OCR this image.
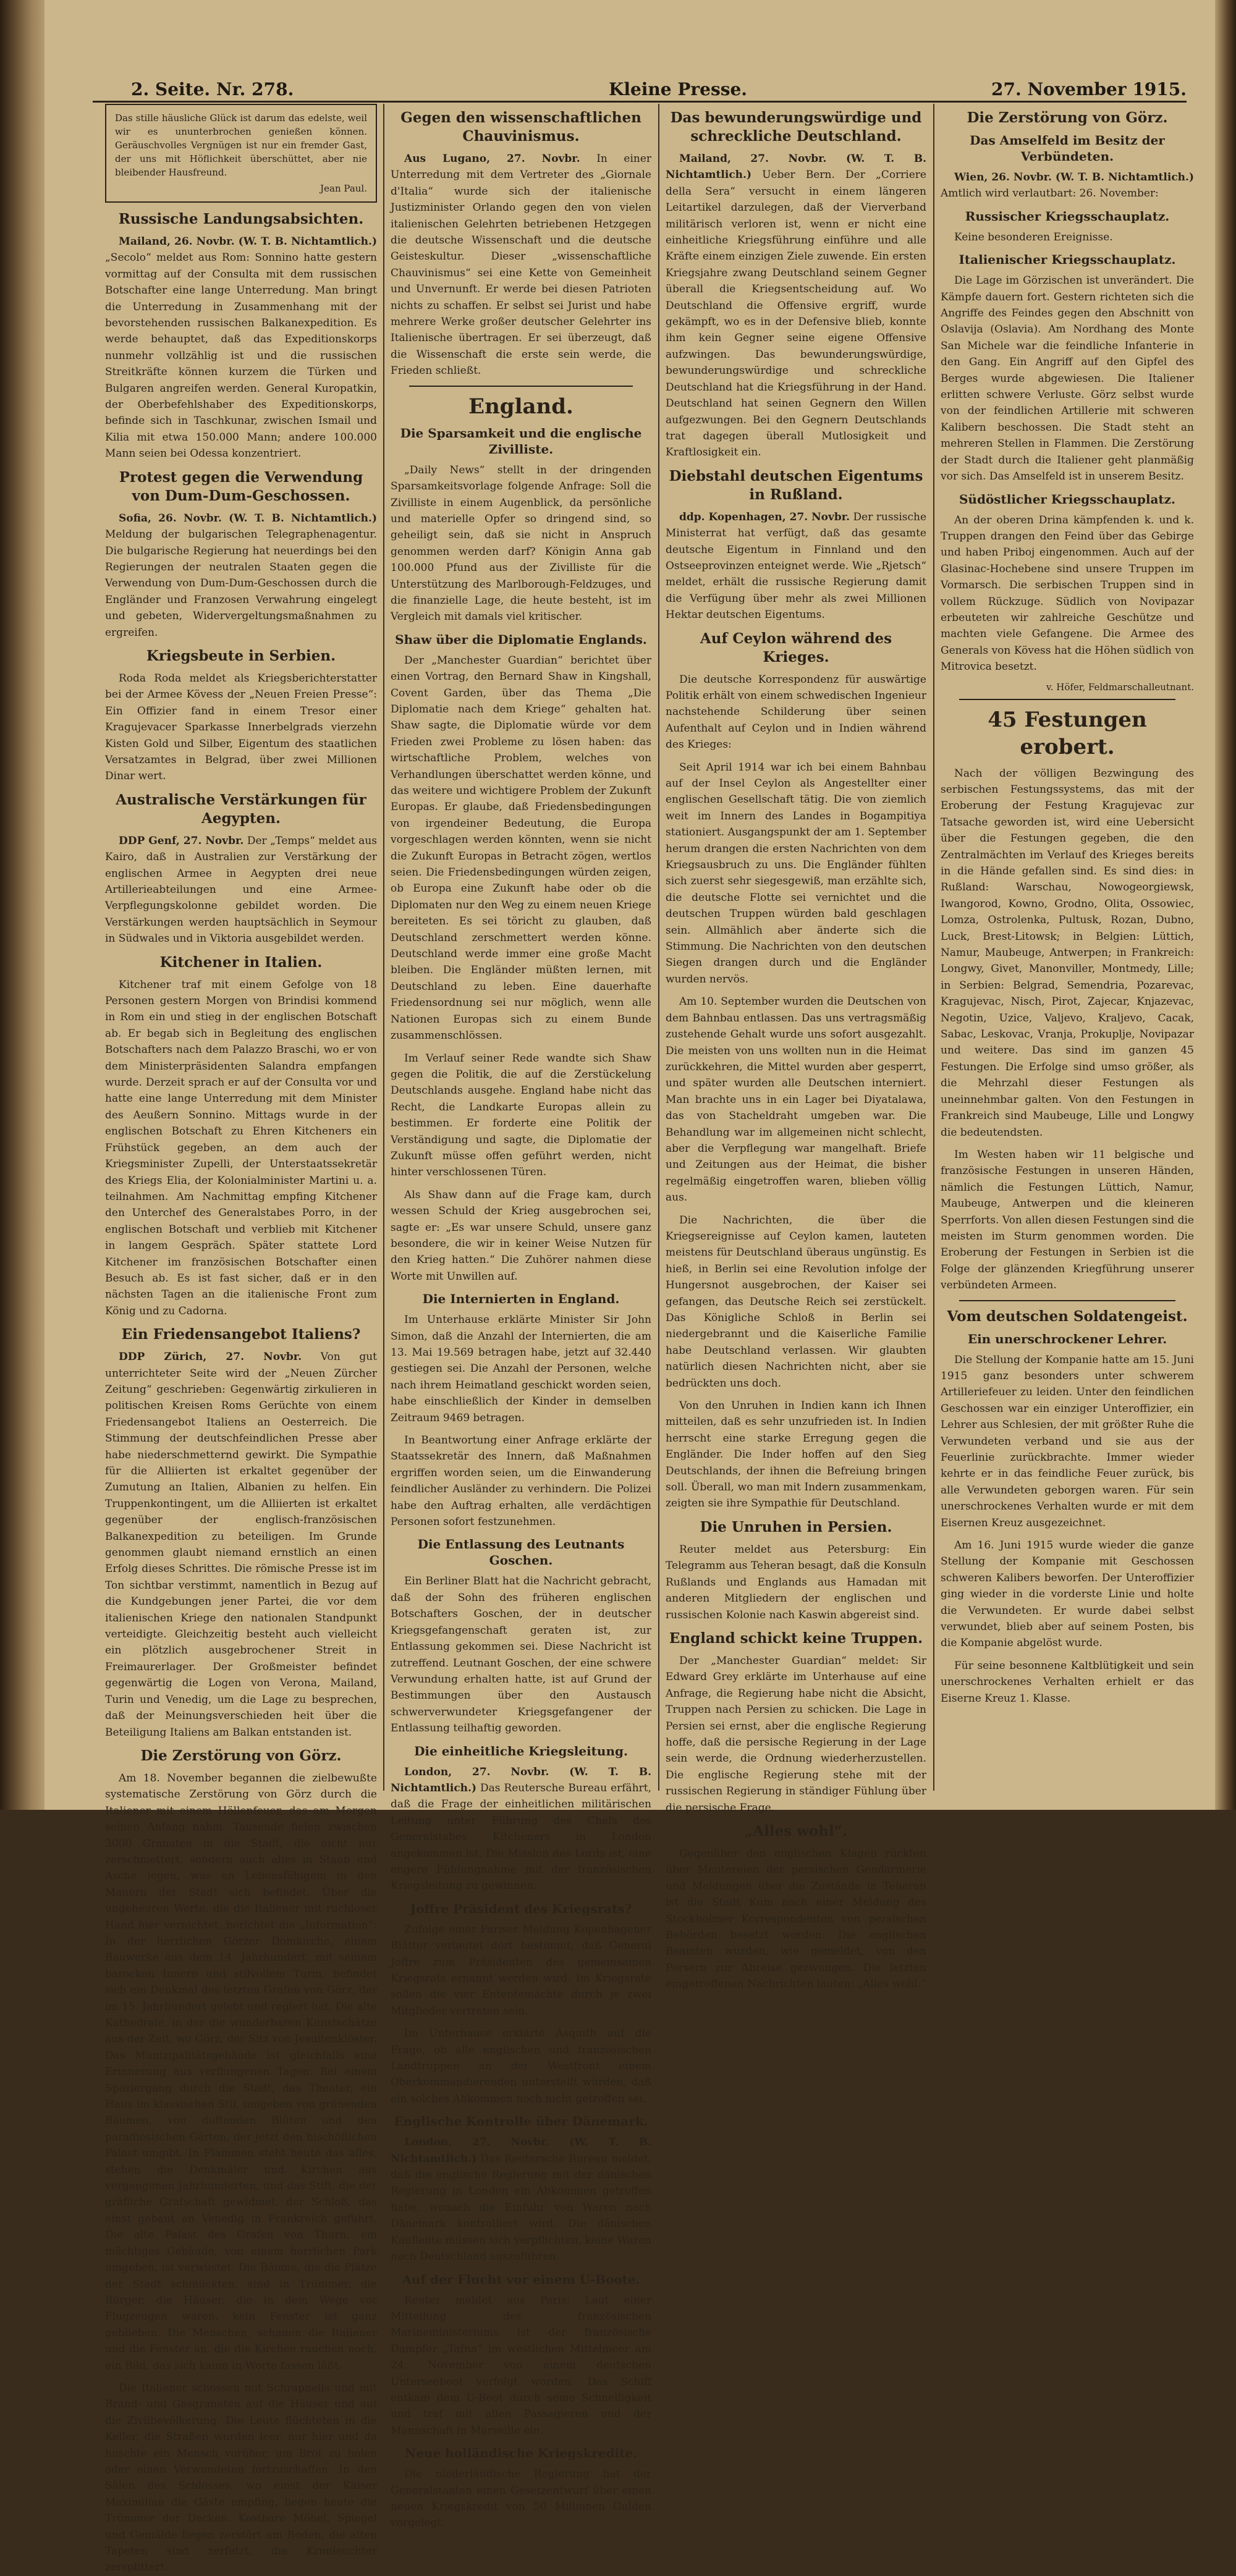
2. Seite. Nr. 278.	Kleine Presse.	27. November 1915.
Das stille häusliche Glück ist darum das edelste, weil wir es ununterbrochen genießen können. Geräuschvolles Vergnügen ist nur ein fremder Gast, der uns mit Höflichkeit überschüttet, aber nie bleibender Hausfreund.
Jean Paul.
Russische Landungsabsichten.

Mailand, 26. Novbr. (W. T. B. Nichtamtlich.) „Secolo“ meldet aus Rom: Sonnino hatte gestern vormittag auf der Consulta mit dem russischen Botschafter eine lange Unterredung. Man bringt die Unterredung in Zusammenhang mit der bevorstehenden russischen Balkanexpedition. Es werde behauptet, daß das Expeditionskorps nunmehr vollzählig ist und die russischen Streitkräfte können kurzem die Türken und Bulgaren angreifen werden. General Kuropatkin, der Oberbefehlshaber des Expeditionskorps, befinde sich in Taschkunar, zwischen Ismail und Kilia mit etwa 150.000 Mann; andere 100.000 Mann seien bei Odessa konzentriert.

Protest gegen die Verwendung von Dum-Dum-Geschossen.

Sofia, 26. Novbr. (W. T. B. Nichtamtlich.) Meldung der bulgarischen Telegraphenagentur. Die bulgarische Regierung hat neuerdings bei den Regierungen der neutralen Staaten gegen die Verwendung von Dum-Dum-Geschossen durch die Engländer und Franzosen Verwahrung eingelegt und gebeten, Widervergeltungsmaßnahmen zu ergreifen.

Kriegsbeute in Serbien.

Roda Roda meldet als Kriegsberichterstatter bei der Armee Kövess der „Neuen Freien Presse“: Ein Offizier fand in einem Tresor einer Kragujevacer Sparkasse Innerbelgrads vierzehn Kisten Gold und Silber, Eigentum des staatlichen Versatzamtes in Belgrad, über zwei Millionen Dinar wert.

Australische Verstärkungen für Aegypten.

DDP Genf, 27. Novbr. Der „Temps“ meldet aus Kairo, daß in Australien zur Verstärkung der englischen Armee in Aegypten drei neue Artillerieabteilungen und eine Armee-Verpflegungskolonne gebildet worden. Die Verstärkungen werden hauptsächlich in Seymour in Südwales und in Viktoria ausgebildet werden.

Kitchener in Italien.

Kitchener traf mit einem Gefolge von 18 Personen gestern Morgen von Brindisi kommend in Rom ein und stieg in der englischen Botschaft ab. Er begab sich in Begleitung des englischen Botschafters nach dem Palazzo Braschi, wo er von dem Ministerpräsidenten Salandra empfangen wurde. Derzeit sprach er auf der Consulta vor und hatte eine lange Unterredung mit dem Minister des Aeußern Sonnino. Mittags wurde in der englischen Botschaft zu Ehren Kitcheners ein Frühstück gegeben, an dem auch der Kriegsminister Zupelli, der Unterstaatssekretär des Kriegs Elia, der Kolonialminister Martini u. a. teilnahmen. Am Nachmittag empfing Kitchener den Unterchef des Generalstabes Porro, in der englischen Botschaft und verblieb mit Kitchener in langem Gespräch. Später stattete Lord Kitchener im französischen Botschafter einen Besuch ab. Es ist fast sicher, daß er in den nächsten Tagen an die italienische Front zum König und zu Cadorna.

Ein Friedensangebot Italiens?

DDP Zürich, 27. Novbr. Von gut unterrichteter Seite wird der „Neuen Zürcher Zeitung“ geschrieben: Gegenwärtig zirkulieren in politischen Kreisen Roms Gerüchte von einem Friedensangebot Italiens an Oesterreich. Die Stimmung der deutschfeindlichen Presse aber habe niederschmetternd gewirkt. Die Sympathie für die Alliierten ist erkaltet gegenüber der Zumutung an Italien, Albanien zu helfen. Ein Truppenkontingent, um die Alliierten ist erkaltet gegenüber der englisch-französischen Balkanexpedition zu beteiligen. Im Grunde genommen glaubt niemand ernstlich an einen Erfolg dieses Schrittes. Die römische Presse ist im Ton sichtbar verstimmt, namentlich in Bezug auf die Kundgebungen jener Partei, die vor dem italienischen Kriege den nationalen Standpunkt verteidigte. Gleichzeitig besteht auch vielleicht ein plötzlich ausgebrochener Streit in Freimaurerlager. Der Großmeister befindet gegenwärtig die Logen von Verona, Mailand, Turin und Venedig, um die Lage zu besprechen, daß der Meinungsverschieden heit über die Beteiligung Italiens am Balkan entstanden ist.

Die Zerstörung von Görz.

Am 18. November begannen die zielbewußte systematische Zerstörung von Görz durch die Italiener mit einem Höllenfeuer, das am Morgen seinen Anfang nahm. Tausende fielen zwischen 3000 Granaten in die Stadt, die nicht nur zerschmettert, sondern auch alles in Staub und Asche legen, was an Lebensfähigem in den Mauern der Stadt sich befindet. Über die ungeheuren Werte, die die Italiener mit ruchloser Hand hier vernichtet, berichtet die „Information“: In der herrlichen Görzer Domkirche, einem Bauwerke aus dem 14. Jahrhundert, mit seinem barocken Innern und stilvollem Turm, befindet sich ein Denkmal des letzten Grafen von Görz, der im 15. Jahrhundert gelebt und regiert hat. Die alte Kathedrale, in der die wunderbaren Kunstschätze aus der Zeit, wo Görz, der Sitz von Jesuitenklöster. Das Munizipalitätsgebäude ist gleichfalls eine Erinnerung aus verflungenen Tagen. Bei einem Spaziergang durch die Stadt, das Theater, ein Haus im klassischen Stil, umgeben von grünenden Bäumen, von duftenden Blüten und den paradiesischen Gärten, der jetzt den bischöflichen Palast umgibt. In Flammen steht heute das alles, stehen die Denkmäler und Kirchen aus vergangenen Jahrhunderten, und das Stift, die der gräfliche Grafschaft gewidmet, der Schloß, das einst gebaut an Venedig in Frankreich geführt. Die alte Palast des Grafen von Thurn, ein mächtiges Gebäude, von einem herrlichen Park umgeben, ist verwüstet. Die Bäume, die die Plätze der Stadt schmückten, sind in Trümmer, die Bürger, die Häuser, die in dem Wege vor Flugzeugen waren, kein Fenster ist ganz geblieben. Die Menschen, schauen die Italiener und die Fenster an, die die Kirchen rauchen noch, ein Bild, das sich kaum in Worte fassen läßt.

Die Italiener schossen mit Schrapnells und mit Brand- und Gasgranaten auf die Häuser und auf die Zivilbevölkerung. Die Leute flüchteten in die Keller, die Straßen wurden leer, nur hier und da huschte ein Mensch vorüber, um Brot zu holen oder einen Verwundeten fortzuschaffen. In den Sälen des Schlosses, wo einst der Kaiser Maximilian die Gäste empfing, liegen heute die Trümmer der Decken. Kostbare Möbel, Spiegel und Gemälde liegen zerstört am Boden; die alten Tapeten sind zerfetzt, die Kronleuchter zersplittert.

Gegen den wissenschaftlichen Chauvinismus.

Aus Lugano, 27. Novbr. In einer Unterredung mit dem Vertreter des „Giornale d'Italia“ wurde sich der italienische Justizminister Orlando gegen den von vielen italienischen Gelehrten betriebenen Hetzgegen die deutsche Wissenschaft und die deutsche Geisteskultur. Dieser „wissenschaftliche Chauvinismus“ sei eine Kette von Gemeinheit und Unvernunft. Er werde bei diesen Patrioten nichts zu schaffen. Er selbst sei Jurist und habe mehrere Werke großer deutscher Gelehrter ins Italienische übertragen. Er sei überzeugt, daß die Wissenschaft die erste sein werde, die Frieden schließt.

England.
Die Sparsamkeit und die englische Zivilliste.

„Daily News“ stellt in der dringenden Sparsamkeitsvorlage folgende Anfrage: Soll die Zivilliste in einem Augenblick, da persönliche und materielle Opfer so dringend sind, so geheiligt sein, daß sie nicht in Anspruch genommen werden darf? Königin Anna gab 100.000 Pfund aus der Zivilliste für die Unterstützung des Marlborough-Feldzuges, und die finanzielle Lage, die heute besteht, ist im Vergleich mit damals viel kritischer.

Shaw über die Diplomatie Englands.

Der „Manchester Guardian“ berichtet über einen Vortrag, den Bernard Shaw in Kingshall, Covent Garden, über das Thema „Die Diplomatie nach dem Kriege“ gehalten hat. Shaw sagte, die Diplomatie würde vor dem Frieden zwei Probleme zu lösen haben: das wirtschaftliche Problem, welches von Verhandlungen überschattet werden könne, und das weitere und wichtigere Problem der Zukunft Europas. Er glaube, daß Friedensbedingungen von irgendeiner Bedeutung, die Europa vorgeschlagen werden könnten, wenn sie nicht die Zukunft Europas in Betracht zögen, wertlos seien. Die Friedensbedingungen würden zeigen, ob Europa eine Zukunft habe oder ob die Diplomaten nur den Weg zu einem neuen Kriege bereiteten. Es sei töricht zu glauben, daß Deutschland zerschmettert werden könne. Deutschland werde immer eine große Macht bleiben. Die Engländer müßten lernen, mit Deutschland zu leben. Eine dauerhafte Friedensordnung sei nur möglich, wenn alle Nationen Europas sich zu einem Bunde zusammenschlössen.

Im Verlauf seiner Rede wandte sich Shaw gegen die Politik, die auf die Zerstückelung Deutschlands ausgehe. England habe nicht das Recht, die Landkarte Europas allein zu bestimmen. Er forderte eine Politik der Verständigung und sagte, die Diplomatie der Zukunft müsse offen geführt werden, nicht hinter verschlossenen Türen.

Als Shaw dann auf die Frage kam, durch wessen Schuld der Krieg ausgebrochen sei, sagte er: „Es war unsere Schuld, unsere ganz besondere, die wir in keiner Weise Nutzen für den Krieg hatten.“ Die Zuhörer nahmen diese Worte mit Unwillen auf.

Die Internierten in England.

Im Unterhause erklärte Minister Sir John Simon, daß die Anzahl der Internierten, die am 13. Mai 19.569 betragen habe, jetzt auf 32.440 gestiegen sei. Die Anzahl der Personen, welche nach ihrem Heimatland geschickt worden seien, habe einschließlich der Kinder in demselben Zeitraum 9469 betragen.

In Beantwortung einer Anfrage erklärte der Staatssekretär des Innern, daß Maßnahmen ergriffen worden seien, um die Einwanderung feindlicher Ausländer zu verhindern. Die Polizei habe den Auftrag erhalten, alle verdächtigen Personen sofort festzunehmen.

Die Entlassung des Leutnants Goschen.

Ein Berliner Blatt hat die Nachricht gebracht, daß der Sohn des früheren englischen Botschafters Goschen, der in deutscher Kriegsgefangenschaft geraten ist, zur Entlassung gekommen sei. Diese Nachricht ist zutreffend. Leutnant Goschen, der eine schwere Verwundung erhalten hatte, ist auf Grund der Bestimmungen über den Austausch schwerverwundeter Kriegsgefangener der Entlassung teilhaftig geworden.

Die einheitliche Kriegsleitung.

London, 27. Novbr. (W. T. B. Nichtamtlich.) Das Reutersche Bureau erfährt, daß die Frage der einheitlichen militärischen Leitung unter Führung des Chefs des Generalstabes Kitcheners in London angekommen ist. Die Mission des Lords ist, eine engere Fühlungnahme mit der französischen Kriegsleitung zu gewinnen.

Joffre Präsident des Kriegsrats?

Zufolge einer Pariser Meldung Kopenhagener Blätter verlautet dort bestimmt, daß General Joffre zum Präsidenten des gemeinsamen Kriegsrats ernannt werden wird. Im Kriegsrate sollen die vier Ententemächte durch je zwei Mitglieder vertreten sein.

Im Unterhause erklärte Asquith auf die Frage, ob alle englischen und französischen Landtruppen an der Westfront einem Oberkommandierenden unterstellt würden, daß ein solches Abkommen noch nicht getroffen sei.

Englische Kontrolle über Dänemark.

London, 27. Novbr. (W. T. B. Nichtamtlich.) Das Reutersche Bureau meldet, daß die englische Regierung mit der dänischen Regierung in London ein Abkommen getroffen habe, wonach die Einfuhr von Waren nach Dänemark kontrolliert wird. Die dänischen Kaufleute müssen sich verpflichten, keine Waren nach Deutschland auszuführen.

Auf der Flucht vor einem U-Boote.

Reuter meldet aus Paris: Laut einer Mitteilung des französischen Marineministeriums ist der französische Dampfer „Tafna“ im westlichen Mittelmeer am 24. November von einem deutschen Unterseeboot verfolgt worden. Das Schiff entkam dem U-Boot durch seine Schnelligkeit und traf mit allen Passagieren und der Mannschaft in Marseille ein.

Neue holländische Kriegskredite.

Die niederländische Regierung hat der Generalstaaten einen Gesetzentwurf über einen neuen Kriegskredit von 50 Millionen Gulden vorgelegt.

Das bewunderungswürdige und schreckliche Deutschland.

Mailand, 27. Novbr. (W. T. B. Nichtamtlich.) Ueber Bern. Der „Corriere della Sera“ versucht in einem längeren Leitartikel darzulegen, daß der Vierverband militärisch verloren ist, wenn er nicht eine einheitliche Kriegsführung einführe und alle Kräfte einem einzigen Ziele zuwende. Ein ersten Kriegsjahre zwang Deutschland seinem Gegner überall die Kriegsentscheidung auf. Wo Deutschland die Offensive ergriff, wurde gekämpft, wo es in der Defensive blieb, konnte ihm kein Gegner seine eigene Offensive aufzwingen. Das bewunderungswürdige, bewunderungswürdige und schreckliche Deutschland hat die Kriegsführung in der Hand. Deutschland hat seinen Gegnern den Willen aufgezwungen. Bei den Gegnern Deutschlands trat dagegen überall Mutlosigkeit und Kraftlosigkeit ein.

Diebstahl deutschen Eigentums in Rußland.

ddp. Kopenhagen, 27. Novbr. Der russische Ministerrat hat verfügt, daß das gesamte deutsche Eigentum in Finnland und den Ostseeprovinzen enteignet werde. Wie „Rjetsch“ meldet, erhält die russische Regierung damit die Verfügung über mehr als zwei Millionen Hektar deutschen Eigentums.

Auf Ceylon während des Krieges.

Die deutsche Korrespondenz für auswärtige Politik erhält von einem schwedischen Ingenieur nachstehende Schilderung über seinen Aufenthalt auf Ceylon und in Indien während des Krieges:

Seit April 1914 war ich bei einem Bahnbau auf der Insel Ceylon als Angestellter einer englischen Gesellschaft tätig. Die von ziemlich weit im Innern des Landes in Bogampitiya stationiert. Ausgangspunkt der am 1. September herum drangen die ersten Nachrichten von dem Kriegsausbruch zu uns. Die Engländer fühlten sich zuerst sehr siegesgewiß, man erzählte sich, die deutsche Flotte sei vernichtet und die deutschen Truppen würden bald geschlagen sein. Allmählich aber änderte sich die Stimmung. Die Nachrichten von den deutschen Siegen drangen durch und die Engländer wurden nervös.

Am 10. September wurden die Deutschen von dem Bahnbau entlassen. Das uns vertragsmäßig zustehende Gehalt wurde uns sofort ausgezahlt. Die meisten von uns wollten nun in die Heimat zurückkehren, die Mittel wurden aber gesperrt, und später wurden alle Deutschen interniert. Man brachte uns in ein Lager bei Diyatalawa, das von Stacheldraht umgeben war. Die Behandlung war im allgemeinen nicht schlecht, aber die Verpflegung war mangelhaft. Briefe und Zeitungen aus der Heimat, die bisher regelmäßig eingetroffen waren, blieben völlig aus.

Die Nachrichten, die über die Kriegsereignisse auf Ceylon kamen, lauteten meistens für Deutschland überaus ungünstig. Es hieß, in Berlin sei eine Revolution infolge der Hungersnot ausgebrochen, der Kaiser sei gefangen, das Deutsche Reich sei zerstückelt. Das Königliche Schloß in Berlin sei niedergebrannt und die Kaiserliche Familie habe Deutschland verlassen. Wir glaubten natürlich diesen Nachrichten nicht, aber sie bedrückten uns doch.

Von den Unruhen in Indien kann ich Ihnen mitteilen, daß es sehr unzufrieden ist. In Indien herrscht eine starke Erregung gegen die Engländer. Die Inder hoffen auf den Sieg Deutschlands, der ihnen die Befreiung bringen soll. Überall, wo man mit Indern zusammenkam, zeigten sie ihre Sympathie für Deutschland.

Die Unruhen in Persien.

Reuter meldet aus Petersburg: Ein Telegramm aus Teheran besagt, daß die Konsuln Rußlands und Englands aus Hamadan mit anderen Mitgliedern der englischen und russischen Kolonie nach Kaswin abgereist sind.

England schickt keine Truppen.

Der „Manchester Guardian“ meldet: Sir Edward Grey erklärte im Unterhause auf eine Anfrage, die Regierung habe nicht die Absicht, Truppen nach Persien zu schicken. Die Lage in Persien sei ernst, aber die englische Regierung hoffe, daß die persische Regierung in der Lage sein werde, die Ordnung wiederherzustellen. Die englische Regierung stehe mit der russischen Regierung in ständiger Fühlung über die persische Frage.

„Alles wohl“.

Gegenüber den englischen Klagen rückten über Meutereien der persischen Gendarmerie und Meldungen über die Zustände in Teheran ist die Stadt Kum nach einer Meldung des Stockholmer Korrespondenten von persischen Behörden besetzt worden. Die englischen Beamten wurden, wie gemeldet, von den Persern zur Abreise gezwungen. Die letzten eingetroffenen Nachrichten lauten: „Alles wohl.“

Die Zerstörung von Görz.
Das Amselfeld im Besitz der Verbündeten.

Wien, 26. Novbr. (W. T. B. Nichtamtlich.) Amtlich wird verlautbart: 26. November:

Russischer Kriegsschauplatz.

Keine besonderen Ereignisse.

Italienischer Kriegsschauplatz.

Die Lage im Görzischen ist unverändert. Die Kämpfe dauern fort. Gestern richteten sich die Angriffe des Feindes gegen den Abschnitt von Oslavija (Oslavia). Am Nordhang des Monte San Michele war die feindliche Infanterie in den Gang. Ein Angriff auf den Gipfel des Berges wurde abgewiesen. Die Italiener erlitten schwere Verluste. Görz selbst wurde von der feindlichen Artillerie mit schweren Kalibern beschossen. Die Stadt steht an mehreren Stellen in Flammen. Die Zerstörung der Stadt durch die Italiener geht planmäßig vor sich. Das Amselfeld ist in unserem Besitz.

Südöstlicher Kriegsschauplatz.

An der oberen Drina kämpfenden k. und k. Truppen drangen den Feind über das Gebirge und haben Priboj eingenommen. Auch auf der Glasinac-Hochebene sind unsere Truppen im Vormarsch. Die serbischen Truppen sind in vollem Rückzuge. Südlich von Novipazar erbeuteten wir zahlreiche Geschütze und machten viele Gefangene. Die Armee des Generals von Kövess hat die Höhen südlich von Mitrovica besetzt.

v. Höfer, Feldmarschalleutnant.
45 Festungen erobert.

Nach der völligen Bezwingung des serbischen Festungssystems, das mit der Eroberung der Festung Kragujevac zur Tatsache geworden ist, wird eine Uebersicht über die Festungen gegeben, die den Zentralmächten im Verlauf des Krieges bereits in die Hände gefallen sind. Es sind dies: in Rußland: Warschau, Nowogeorgiewsk, Iwangorod, Kowno, Grodno, Olita, Ossowiec, Lomza, Ostrolenka, Pultusk, Rozan, Dubno, Luck, Brest-Litowsk; in Belgien: Lüttich, Namur, Maubeuge, Antwerpen; in Frankreich: Longwy, Givet, Manonviller, Montmedy, Lille; in Serbien: Belgrad, Semendria, Pozarevac, Kragujevac, Nisch, Pirot, Zajecar, Knjazevac, Negotin, Uzice, Valjevo, Kraljevo, Cacak, Sabac, Leskovac, Vranja, Prokuplje, Novipazar und weitere. Das sind im ganzen 45 Festungen. Die Erfolge sind umso größer, als die Mehrzahl dieser Festungen als uneinnehmbar galten. Von den Festungen in Frankreich sind Maubeuge, Lille und Longwy die bedeutendsten.

Im Westen haben wir 11 belgische und französische Festungen in unseren Händen, nämlich die Festungen Lüttich, Namur, Maubeuge, Antwerpen und die kleineren Sperrforts. Von allen diesen Festungen sind die meisten im Sturm genommen worden. Die Eroberung der Festungen in Serbien ist die Folge der glänzenden Kriegführung unserer verbündeten Armeen.

Vom deutschen Soldatengeist.
Ein unerschrockener Lehrer.

Die Stellung der Kompanie hatte am 15. Juni 1915 ganz besonders unter schwerem Artilleriefeuer zu leiden. Unter den feindlichen Geschossen war ein einziger Unteroffizier, ein Lehrer aus Schlesien, der mit größter Ruhe die Verwundeten verband und sie aus der Feuerlinie zurückbrachte. Immer wieder kehrte er in das feindliche Feuer zurück, bis alle Verwundeten geborgen waren. Für sein unerschrockenes Verhalten wurde er mit dem Eisernen Kreuz ausgezeichnet.

Am 16. Juni 1915 wurde wieder die ganze Stellung der Kompanie mit Geschossen schweren Kalibers beworfen. Der Unteroffizier ging wieder in die vorderste Linie und holte die Verwundeten. Er wurde dabei selbst verwundet, blieb aber auf seinem Posten, bis die Kompanie abgelöst wurde.

Für seine besonnene Kaltblütigkeit und sein unerschrockenes Verhalten erhielt er das Eiserne Kreuz 1. Klasse.
